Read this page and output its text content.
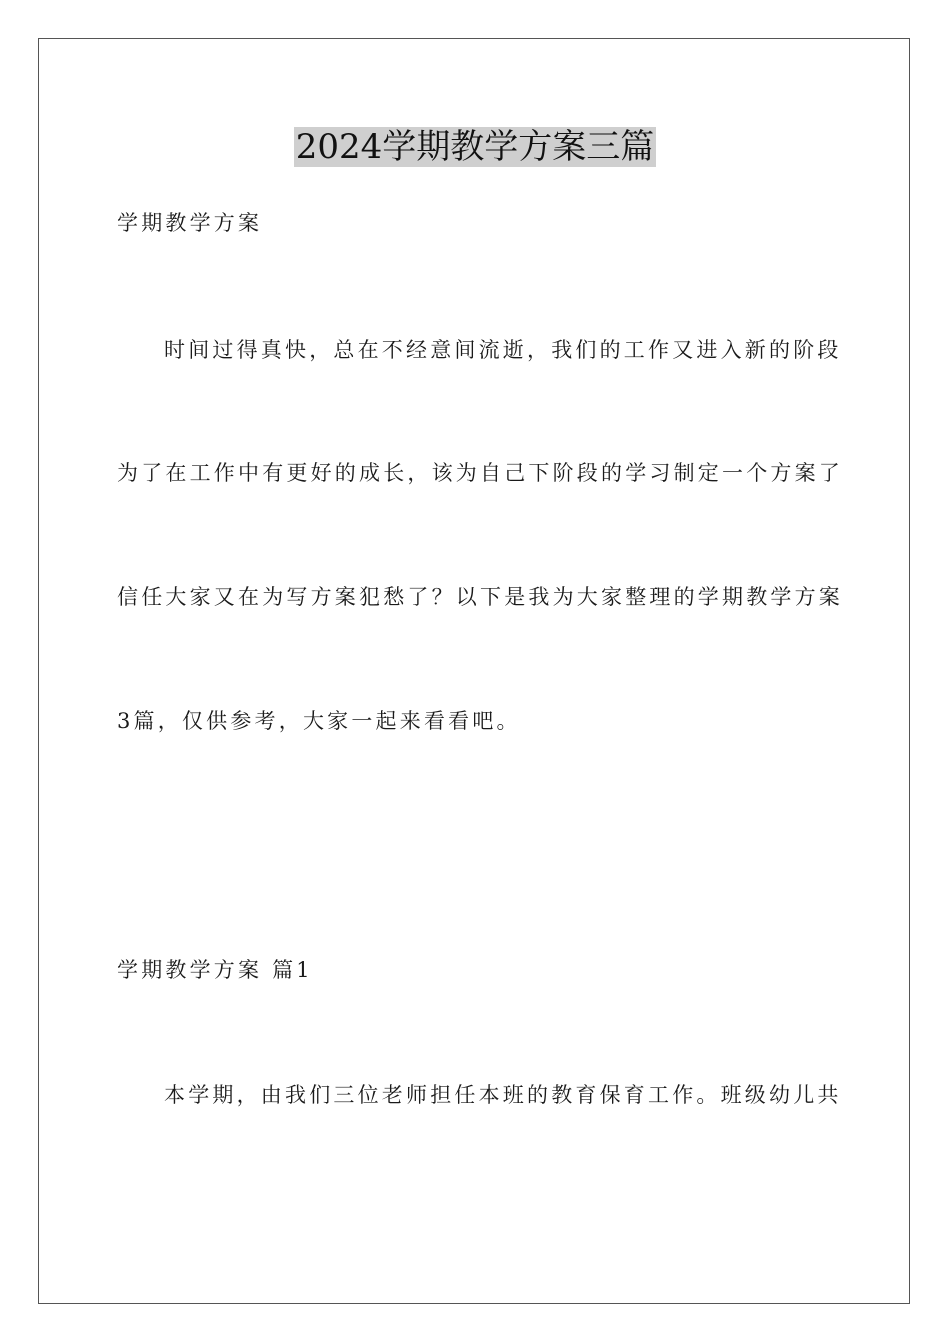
2024学期教学方案三篇
学期教学方案
时间过得真快，总在不经意间流逝，我们的工作又进入新的阶段
为了在工作中有更好的成长，该为自己下阶段的学习制定一个方案了
信任大家又在为写方案犯愁了？以下是我为大家整理的学期教学方案
3篇，仅供参考，大家一起来看看吧。
学期教学方案 篇1
本学期，由我们三位老师担任本班的教育保育工作。班级幼儿共
